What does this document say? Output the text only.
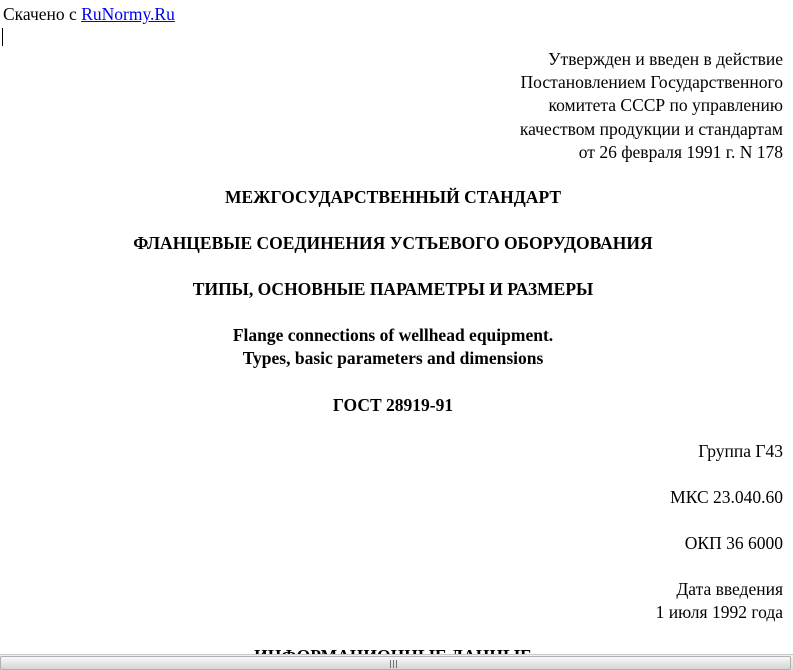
Скачено с RuNormy.Ru
Утвержден и введен в действие
Постановлением Государственного
комитета СССР по управлению
качеством продукции и стандартам
от 26 февраля 1991 г. N 178
МЕЖГОСУДАРСТВЕННЫЙ СТАНДАРТ
ФЛАНЦЕВЫЕ СОЕДИНЕНИЯ УСТЬЕВОГО ОБОРУДОВАНИЯ
ТИПЫ, ОСНОВНЫЕ ПАРАМЕТРЫ И РАЗМЕРЫ
Flange connections of wellhead equipment.
Types, basic parameters and dimensions
ГОСТ 28919-91
Группа Г43
МКС 23.040.60
ОКП 36 6000
Дата введения
1 июля 1992 года
